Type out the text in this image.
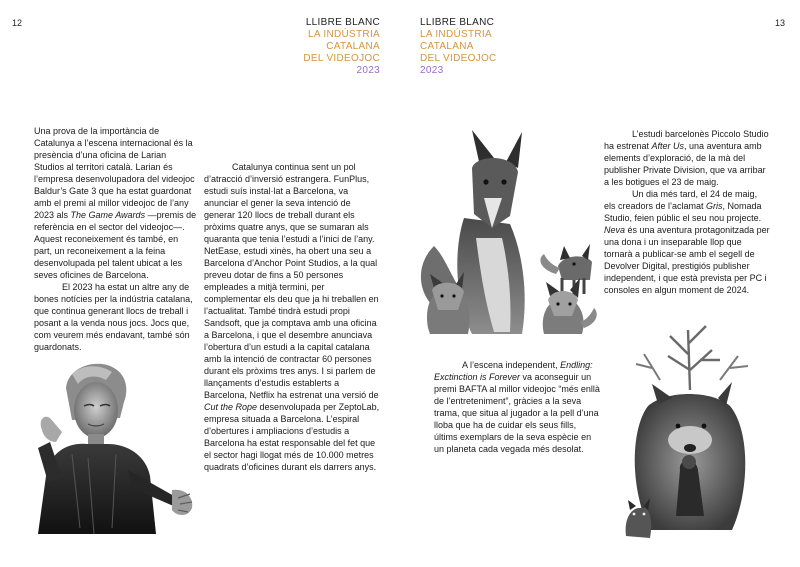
12	13
LLIBRE BLANC
LA INDÚSTRIA
CATALANA
DEL VIDEOJOC
2023
LLIBRE BLANC
LA INDÚSTRIA
CATALANA
DEL VIDEOJOC
2023

Una prova de la importància de Catalunya a l’escena internacional és la presència d’una oficina de Larian Studios al territori català. Larian és l’empresa desenvolupadora del videojoc Baldur’s Gate 3 que ha estat guardonat amb el premi al millor videojoc de l’any 2023 als The Game Awards —premis de referència en el sector del videojoc—. Aquest reconeixement és també, en part, un reconeixement a la feina desenvolupada pel talent ubicat a les seves oficines de Barcelona.

El 2023 ha estat un altre any de bones notícies per la indústria catalana, que continua generant llocs de treball i posant a la venda nous jocs. Jocs que, com veurem més endavant, també són guardonats.

Catalunya continua sent un pol d’atracció d’inversió estrangera. FunPlus, estudi suís instal·lat a Barcelona, va anunciar el gener la seva intenció de generar 120 llocs de treball durant els pròxims quatre anys, que se sumaran als quaranta que tenia l’estudi a l’inici de l’any. NetEase, estudi xinès, ha obert una seu a Barcelona d’Anchor Point Studios, a la qual preveu dotar de fins a 50 persones empleades a mitjà termini, per complementar els deu que ja hi treballen en l’actualitat. També tindrà estudi propi Sandsoft, que ja comptava amb una oficina a Barcelona, i que el desembre anunciava l’obertura d’un estudi a la capital catalana amb la intenció de contractar 60 persones durant els pròxims tres anys. I si parlem de llançaments d’estudis establerts a Barcelona, Netflix ha estrenat una versió de Cut the Rope desenvolupada per ZeptoLab, empresa situada a Barcelona. L’espiral d’obertures i ampliacions d’estudis a Barcelona ha estat responsable del fet que el sector hagi llogat més de 10.000 metres quadrats d’oficines durant els darrers anys.

A l’escena independent, Endling: Exctinction is Forever va aconseguir un premi BAFTA al millor videojoc “més enllà de l’entreteniment”, gràcies a la seva trama, que situa al jugador a la pell d’una lloba que ha de cuidar els seus fills, últims exemplars de la seva espècie en un planeta cada vegada més desolat.

L’estudi barcelonès Piccolo Studio ha estrenat After Us, una aventura amb elements d’exploració, de la mà del publisher Private Division, que va arribar a les botigues el 23 de maig.

Un dia més tard, el 24 de maig, els creadors de l’aclamat Gris, Nomada Studio, feien públic el seu nou projecte. Neva és una aventura protagonitzada per una dona i un inseparable llop que tornarà a publicar-se amb el segell de Devolver Digital, prestigiós publisher independent, i que està prevista per PC i consoles en algun moment de 2024.
